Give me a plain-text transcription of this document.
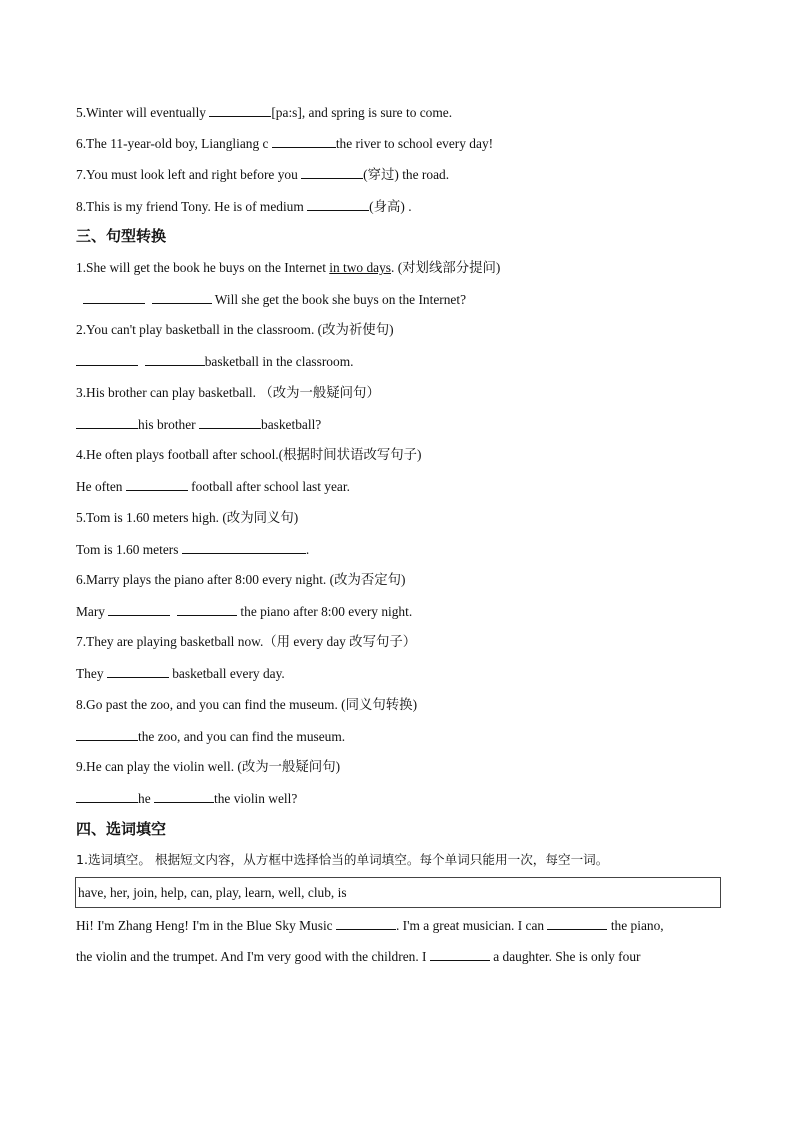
5.Winter will eventually	[pa:s], and spring is sure to come.
6.The 11-year-old boy, Liangliang c	the river to school every day!
7.You must look left and right before you	(穿过) the road.
8.This is my friend Tony. He is of medium	(身高) .
三、句型转换
1.She will get the book he buys on the Internet in two days. (对划线部分提问)
Will she get the book she buys on the Internet?
2.You can't play basketball in the classroom. (改为祈使句)
basketball in the classroom.
3.His brother can play basketball. （改为一般疑问句）
his brother	basketball?
4.He often plays football after school.(根据时间状语改写句子)
He often	football after school last year.
5.Tom is 1.60 meters high. (改为同义句)
Tom is 1.60 meters	.
6.Marry plays the piano after 8:00 every night. (改为否定句)
Mary	the piano after 8:00 every night.
7.They are playing basketball now.（用 every day 改写句子）
They	basketball every day.
8.Go past the zoo, and you can find the museum. (同义句转换)
the zoo, and you can find the museum.
9.He can play the violin well. (改为一般疑问句)
he	the violin well?
四、选词填空
1.选词填空。 根据短文内容，从方框中选择恰当的单词填空。每个单词只能用一次，每空一词。
have, her, join, help, can, play, learn, well, club, is
Hi! I'm Zhang Heng! I'm in the Blue Sky Music	. I'm a great musician. I can	the piano,
the violin and the trumpet. And I'm very good with the children. I	a daughter. She is only four
